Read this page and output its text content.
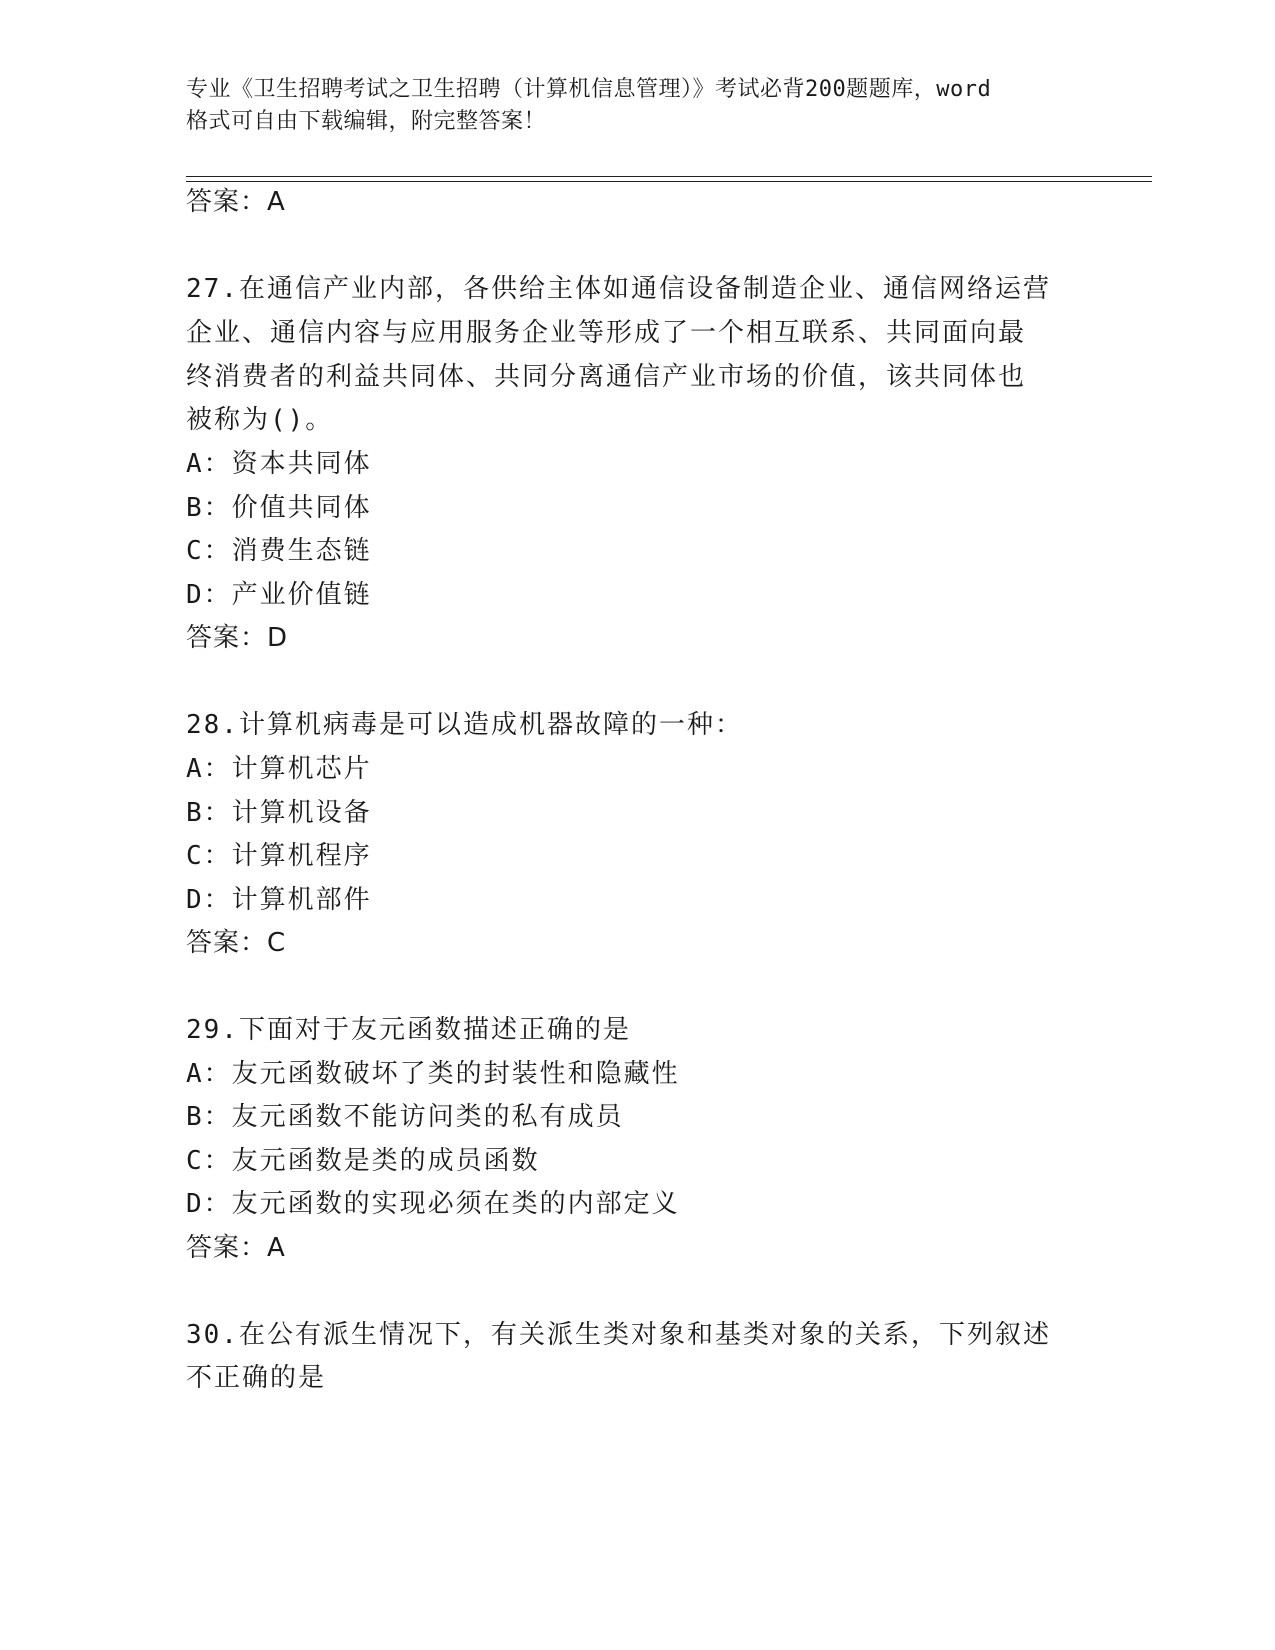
专业《卫生招聘考试之卫生招聘（计算机信息管理）》考试必背200题题库，word
格式可自由下载编辑，附完整答案！
答案：A
27.在通信产业内部，各供给主体如通信设备制造企业、通信网络运营
企业、通信内容与应用服务企业等形成了一个相互联系、共同面向最
终消费者的利益共同体、共同分离通信产业市场的价值，该共同体也
被称为()。
A：资本共同体
B：价值共同体
C：消费生态链
D：产业价值链
答案：D
28.计算机病毒是可以造成机器故障的一种：
A：计算机芯片
B：计算机设备
C：计算机程序
D：计算机部件
答案：C
29.下面对于友元函数描述正确的是
A：友元函数破坏了类的封装性和隐藏性
B：友元函数不能访问类的私有成员
C：友元函数是类的成员函数
D：友元函数的实现必须在类的内部定义
答案：A
30.在公有派生情况下，有关派生类对象和基类对象的关系，下列叙述
不正确的是
